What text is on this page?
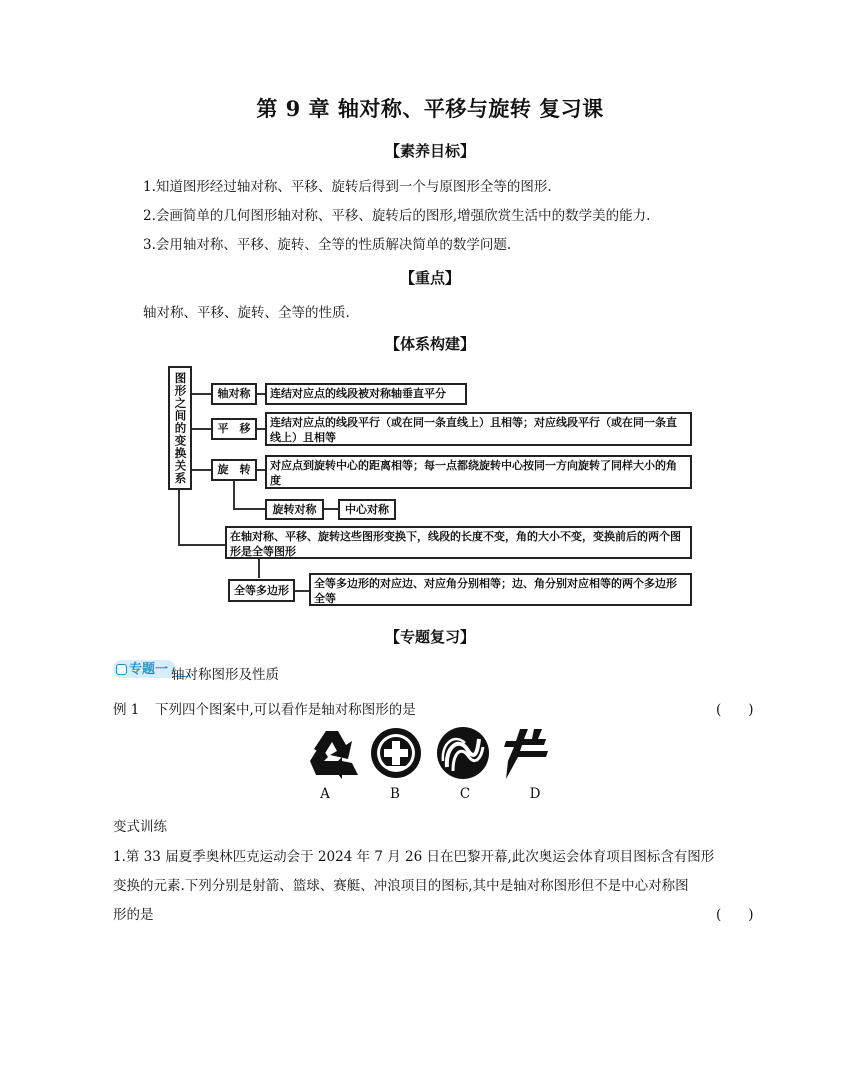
第 9 章 轴对称、平移与旋转 复习课
【素养目标】
1.知道图形经过轴对称、平移、旋转后得到一个与原图形全等的图形.
2.会画简单的几何图形轴对称、平移、旋转后的图形,增强欣赏生活中的数学美的能力.
3.会用轴对称、平移、旋转、全等的性质解决简单的数学问题.
【重点】
轴对称、平移、旋转、全等的性质.
【体系构建】
图形之间的变换关系	轴对称	连结对应点的线段被对称轴垂直平分
平　移	连结对应点的线段平行（或在同一条直线上）且相等；对应线段平行（或在同一条直线上）且相等
旋　转	对应点到旋转中心的距离相等；每一点都绕旋转中心按同一方向旋转了同样大小的角度
旋转对称	中心对称
在轴对称、平移、旋转这些图形变换下，线段的长度不变，角的大小不变，变换前后的两个图形是全等图形
全等多边形
全等多边形的对应边、对应角分别相等；边、角分别对应相等的两个多边形全等
【专题复习】
专题一 轴对称图形及性质
例 1 下列四个图案中,可以看作是轴对称图形的是	(　　)
A	B	C	D
变式训练
1.第 33 届夏季奥林匹克运动会于 2024 年 7 月 26 日在巴黎开幕,此次奥运会体育项目图标含有图形
变换的元素.下列分别是射箭、篮球、赛艇、冲浪项目的图标,其中是轴对称图形但不是中心对称图
形的是	(　　)
